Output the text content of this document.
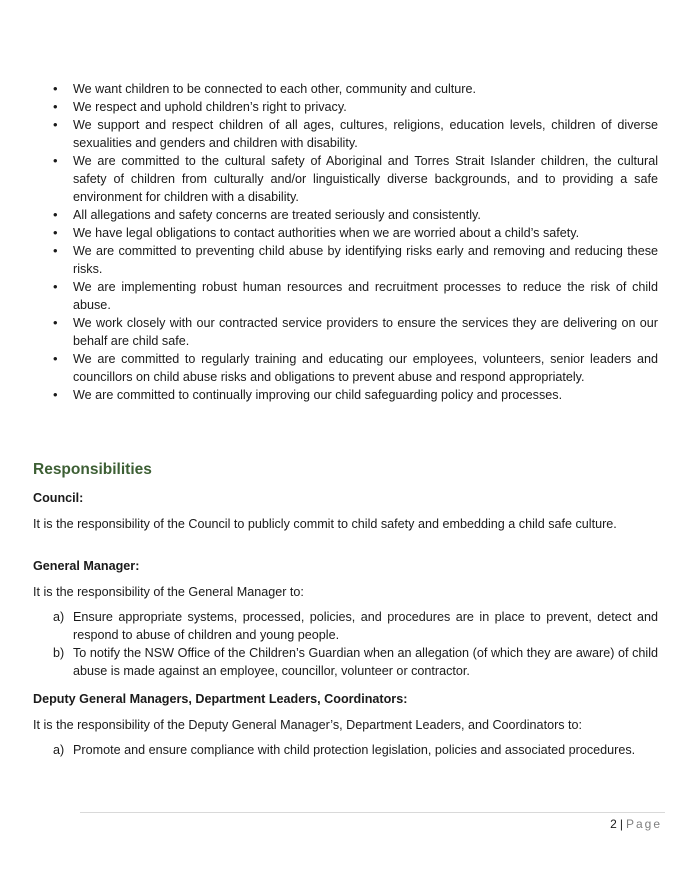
• We want children to be connected to each other, community and culture.
• We respect and uphold children’s right to privacy.
• We support and respect children of all ages, cultures, religions, education levels, children of diverse sexualities and genders and children with disability.
• We are committed to the cultural safety of Aboriginal and Torres Strait Islander children, the cultural safety of children from culturally and/or linguistically diverse backgrounds, and to providing a safe environment for children with a disability.
• All allegations and safety concerns are treated seriously and consistently.
• We have legal obligations to contact authorities when we are worried about a child’s safety.
• We are committed to preventing child abuse by identifying risks early and removing and reducing these risks.
• We are implementing robust human resources and recruitment processes to reduce the risk of child abuse.
• We work closely with our contracted service providers to ensure the services they are delivering on our behalf are child safe.
• We are committed to regularly training and educating our employees, volunteers, senior leaders and councillors on child abuse risks and obligations to prevent abuse and respond appropriately.
• We are committed to continually improving our child safeguarding policy and processes.
Responsibilities
Council:
It is the responsibility of the Council to publicly commit to child safety and embedding a child safe culture.
General Manager:
It is the responsibility of the General Manager to:
a) Ensure appropriate systems, processed, policies, and procedures are in place to prevent, detect and respond to abuse of children and young people.
b) To notify the NSW Office of the Children’s Guardian when an allegation (of which they are aware) of child abuse is made against an employee, councillor, volunteer or contractor.
Deputy General Managers, Department Leaders, Coordinators:
It is the responsibility of the Deputy General Manager’s, Department Leaders, and Coordinators to:
a) Promote and ensure compliance with child protection legislation, policies and associated procedures.
2 | Page
